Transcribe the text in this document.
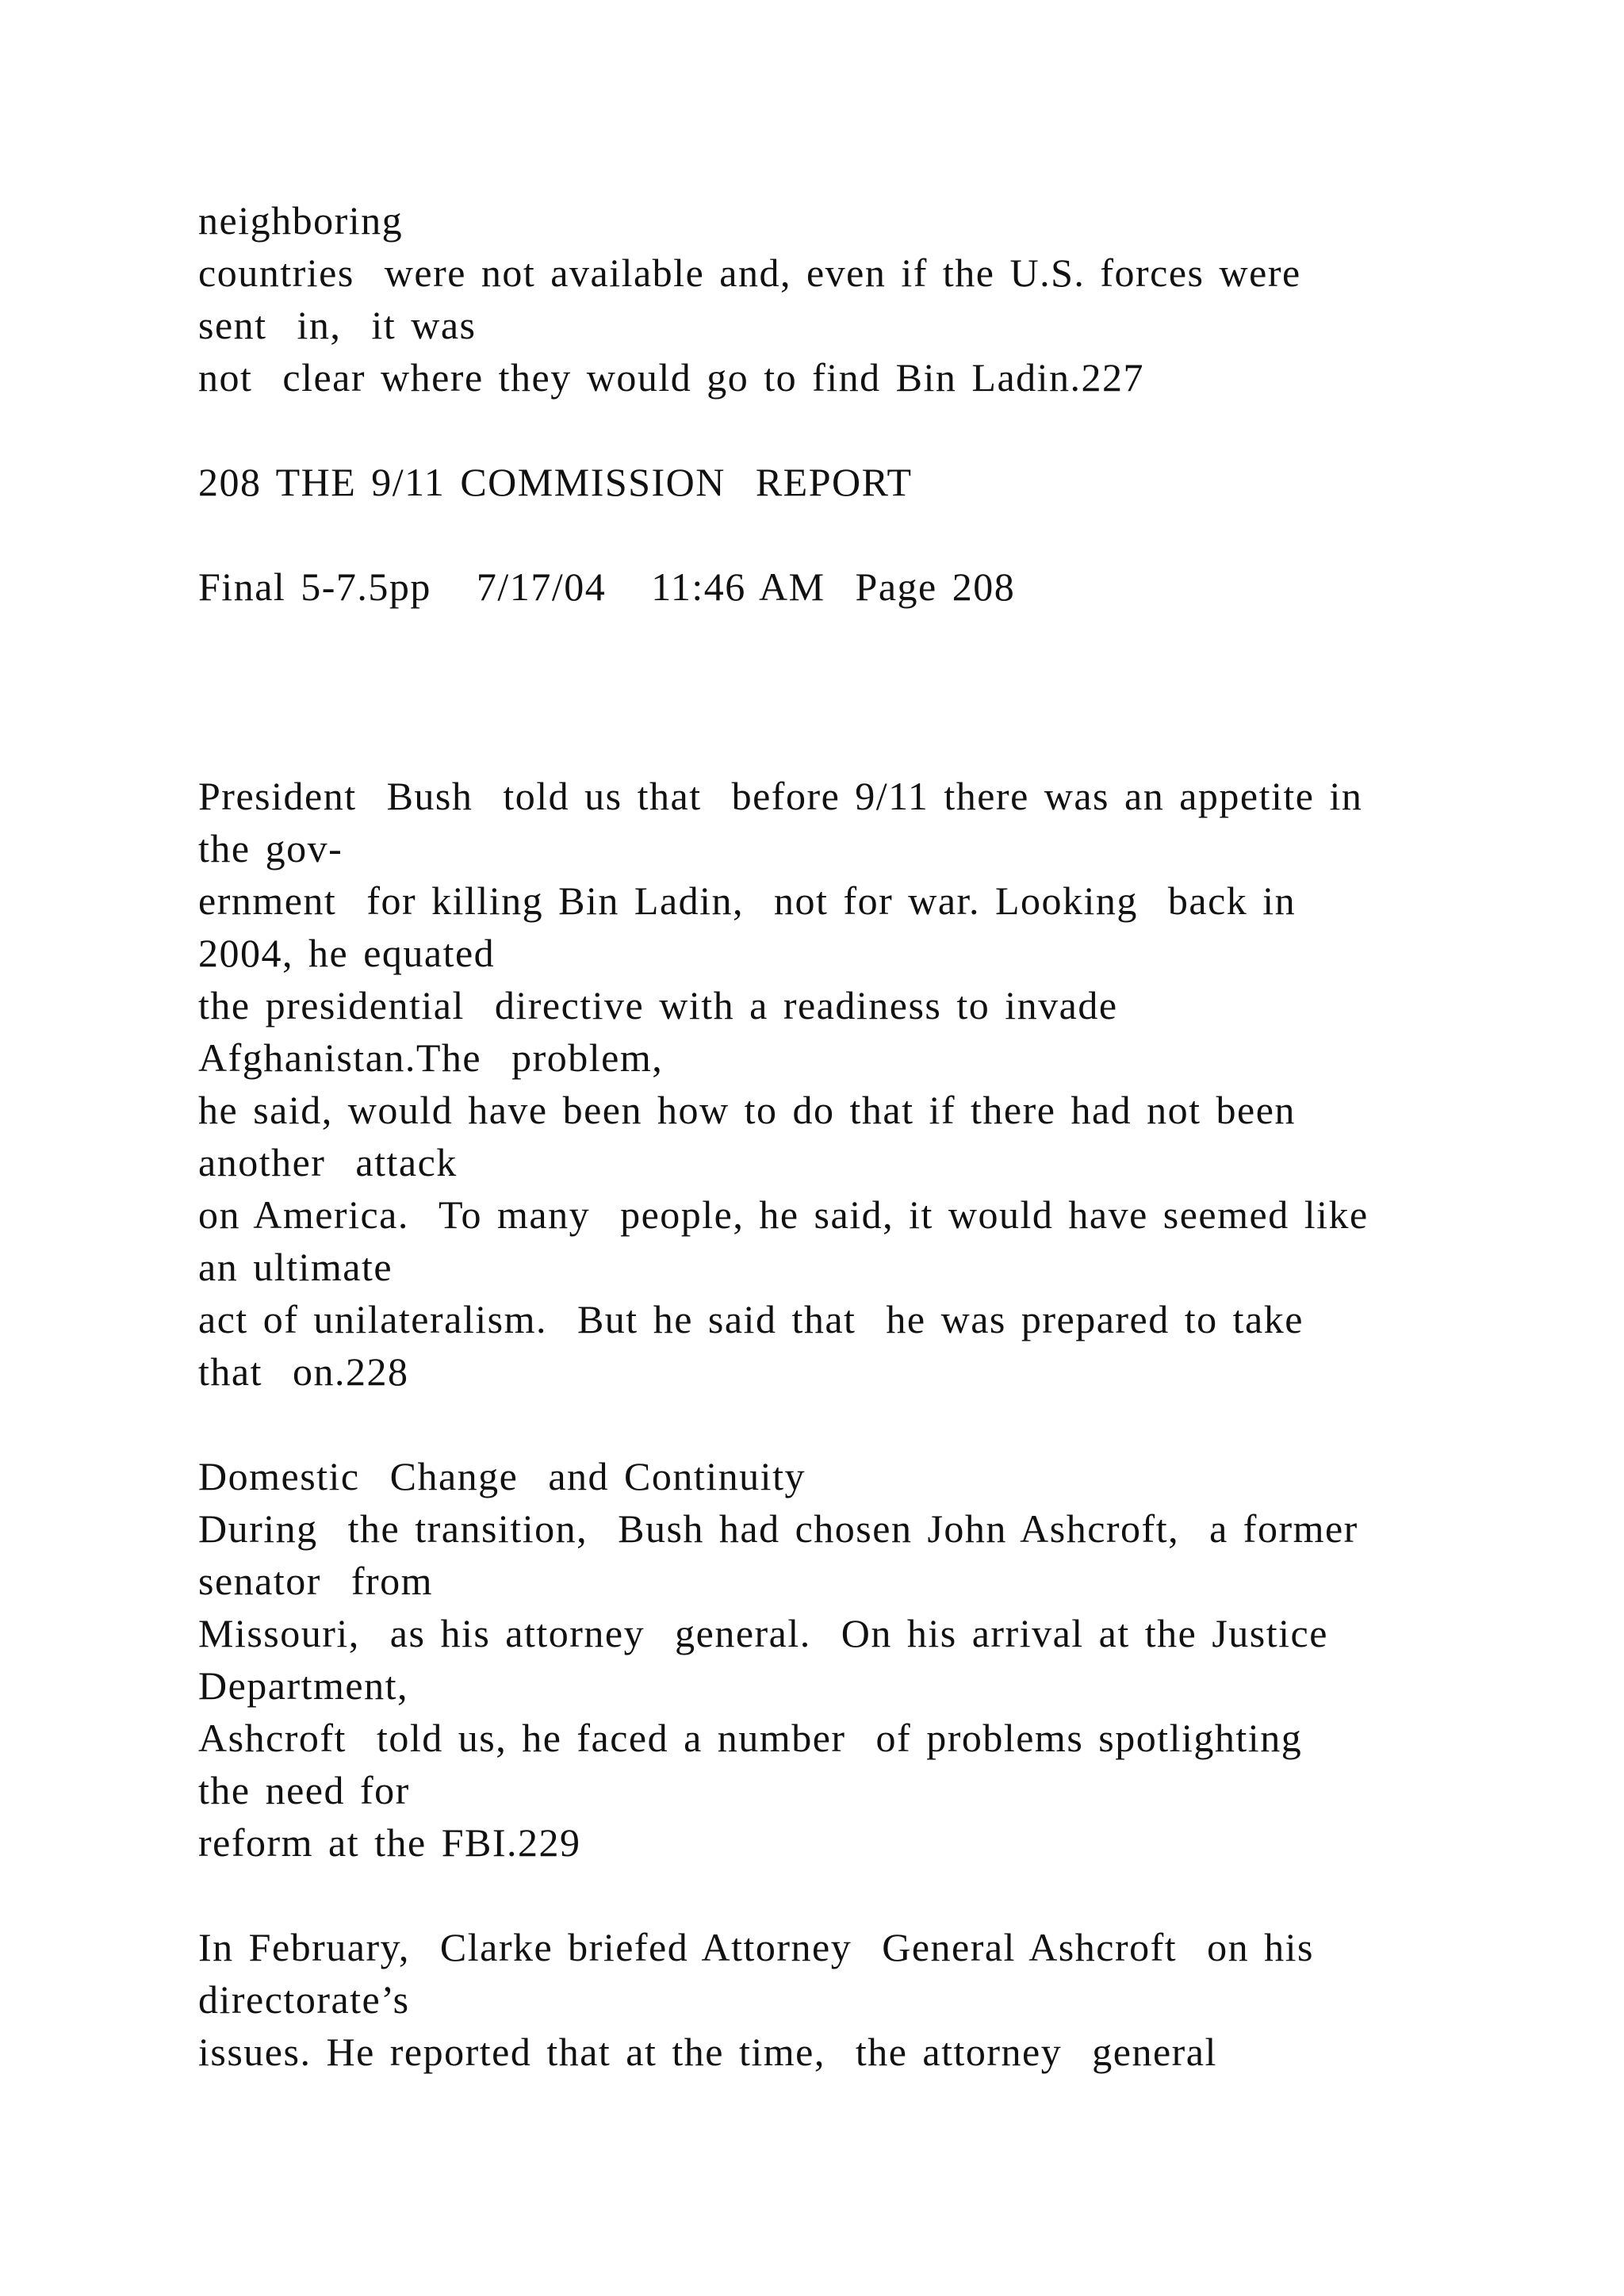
neighboring
countries  were not available and, even if the U.S. forces were
sent  in,  it was
not  clear where they would go to find Bin Ladin.227
208 THE 9/11 COMMISSION  REPORT
Final 5-7.5pp   7/17/04   11:46 AM  Page 208
President  Bush  told us that  before 9/11 there was an appetite in
the gov-
ernment  for killing Bin Ladin,  not for war. Looking  back in
2004, he equated
the presidential  directive with a readiness to invade
Afghanistan.The  problem,
he said, would have been how to do that if there had not been
another  attack
on America.  To many  people, he said, it would have seemed like
an ultimate
act of unilateralism.  But he said that  he was prepared to take
that  on.228
Domestic  Change  and Continuity
During  the transition,  Bush had chosen John Ashcroft,  a former
senator  from
Missouri,  as his attorney  general.  On his arrival at the Justice
Department,
Ashcroft  told us, he faced a number  of problems spotlighting
the need for
reform at the FBI.229
In February,  Clarke briefed Attorney  General Ashcroft  on his
directorate’s
issues. He reported that at the time,  the attorney  general
